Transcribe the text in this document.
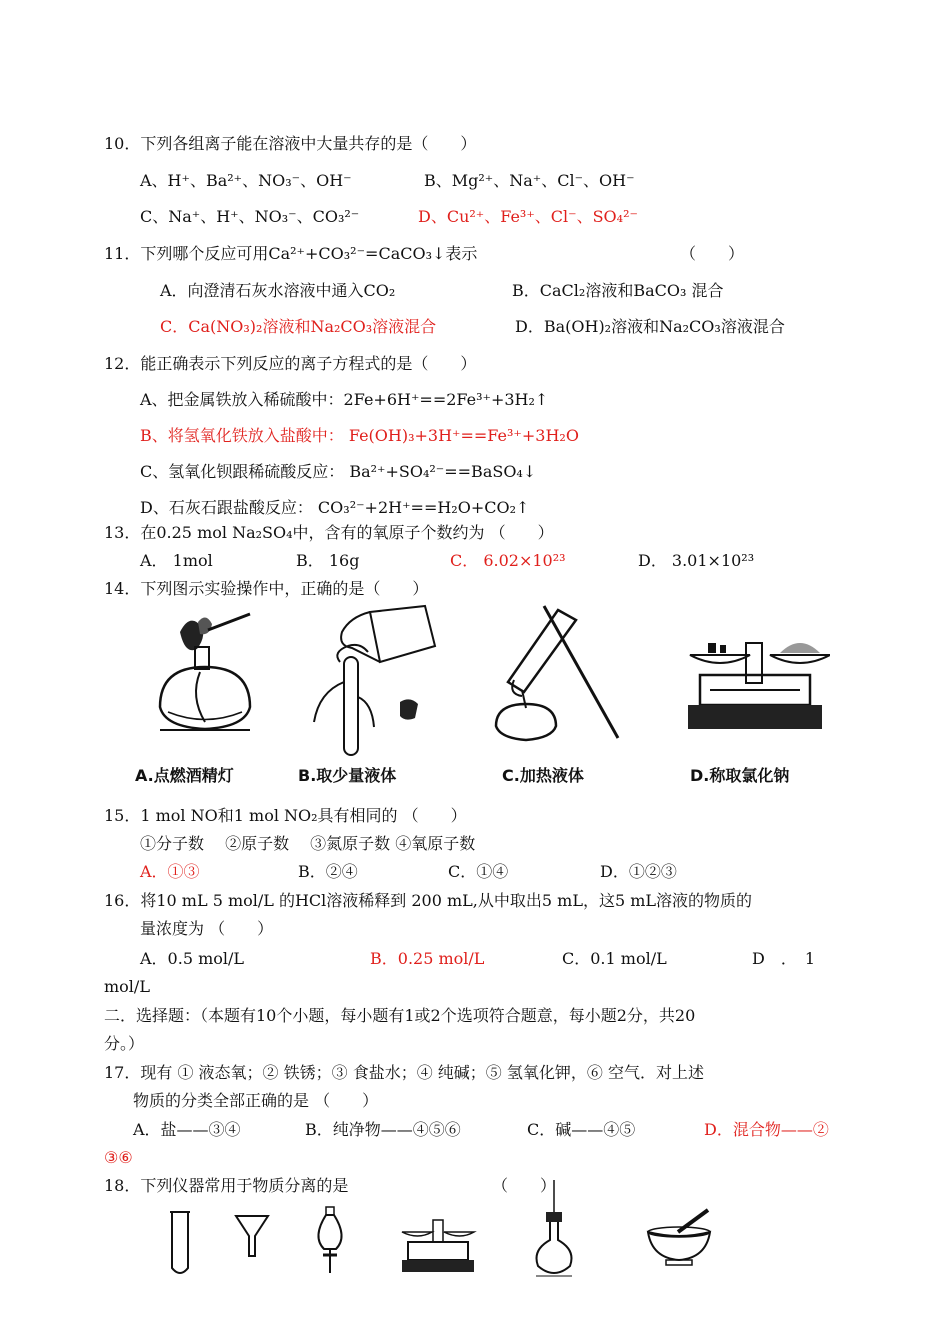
10．下列各组离子能在溶液中大量共存的是（　　）
A、H⁺、Ba²⁺、NO₃⁻、OH⁻	B、Mg²⁺、Na⁺、Cl⁻、OH⁻
C、Na⁺、H⁺、NO₃⁻、CO₃²⁻	D、Cu²⁺、Fe³⁺、Cl⁻、SO₄²⁻
11．下列哪个反应可用Ca²⁺+CO₃²⁻=CaCO₃↓表示	（　　）
A．向澄清石灰水溶液中通入CO₂	B．CaCl₂溶液和BaCO₃ 混合
C．Ca(NO₃)₂溶液和Na₂CO₃溶液混合	D．Ba(OH)₂溶液和Na₂CO₃溶液混合
12．能正确表示下列反应的离子方程式的是（　　）
A、把金属铁放入稀硫酸中：2Fe+6H⁺==2Fe³⁺+3H₂↑
B、将氢氧化铁放入盐酸中： Fe(OH)₃+3H⁺==Fe³⁺+3H₂O
C、氢氧化钡跟稀硫酸反应： Ba²⁺+SO₄²⁻==BaSO₄↓
D、石灰石跟盐酸反应： CO₃²⁻+2H⁺==H₂O+CO₂↑
13．在0.25 mol Na₂SO₄中，含有的氧原子个数约为 （　　）
A． 1mol	B． 16g	C． 6.02×10²³	D． 3.01×10²³
14．下列图示实验操作中，正确的是（　　）
A.点燃酒精灯	B.取少量液体	C.加热液体	D.称取氯化钠
15．1 mol NO和1 mol NO₂具有相同的 （　　）
①分子数　 ②原子数　 ③氮原子数 ④氧原子数
A．①③	B．②④	C．①④	D．①②③
16．将10 mL 5 mol/L 的HCl溶液稀释到 200 mL,从中取出5 mL，这5 mL溶液的物质的
量浓度为 （　　）
A．0.5 mol/L	B．0.25 mol/L	C．0.1 mol/L	D　．　1
mol/L
二．选择题：（本题有10个小题，每小题有1或2个选项符合题意，每小题2分，共20
分。）
17．现有 ① 液态氧；② 铁锈；③ 食盐水；④ 纯碱；⑤ 氢氧化钾，⑥ 空气．对上述
物质的分类全部正确的是 （　　）
A．盐——③④	B．纯净物——④⑤⑥	C．碱——④⑤	D．混合物——②
③⑥
18．下列仪器常用于物质分离的是	（　　）
